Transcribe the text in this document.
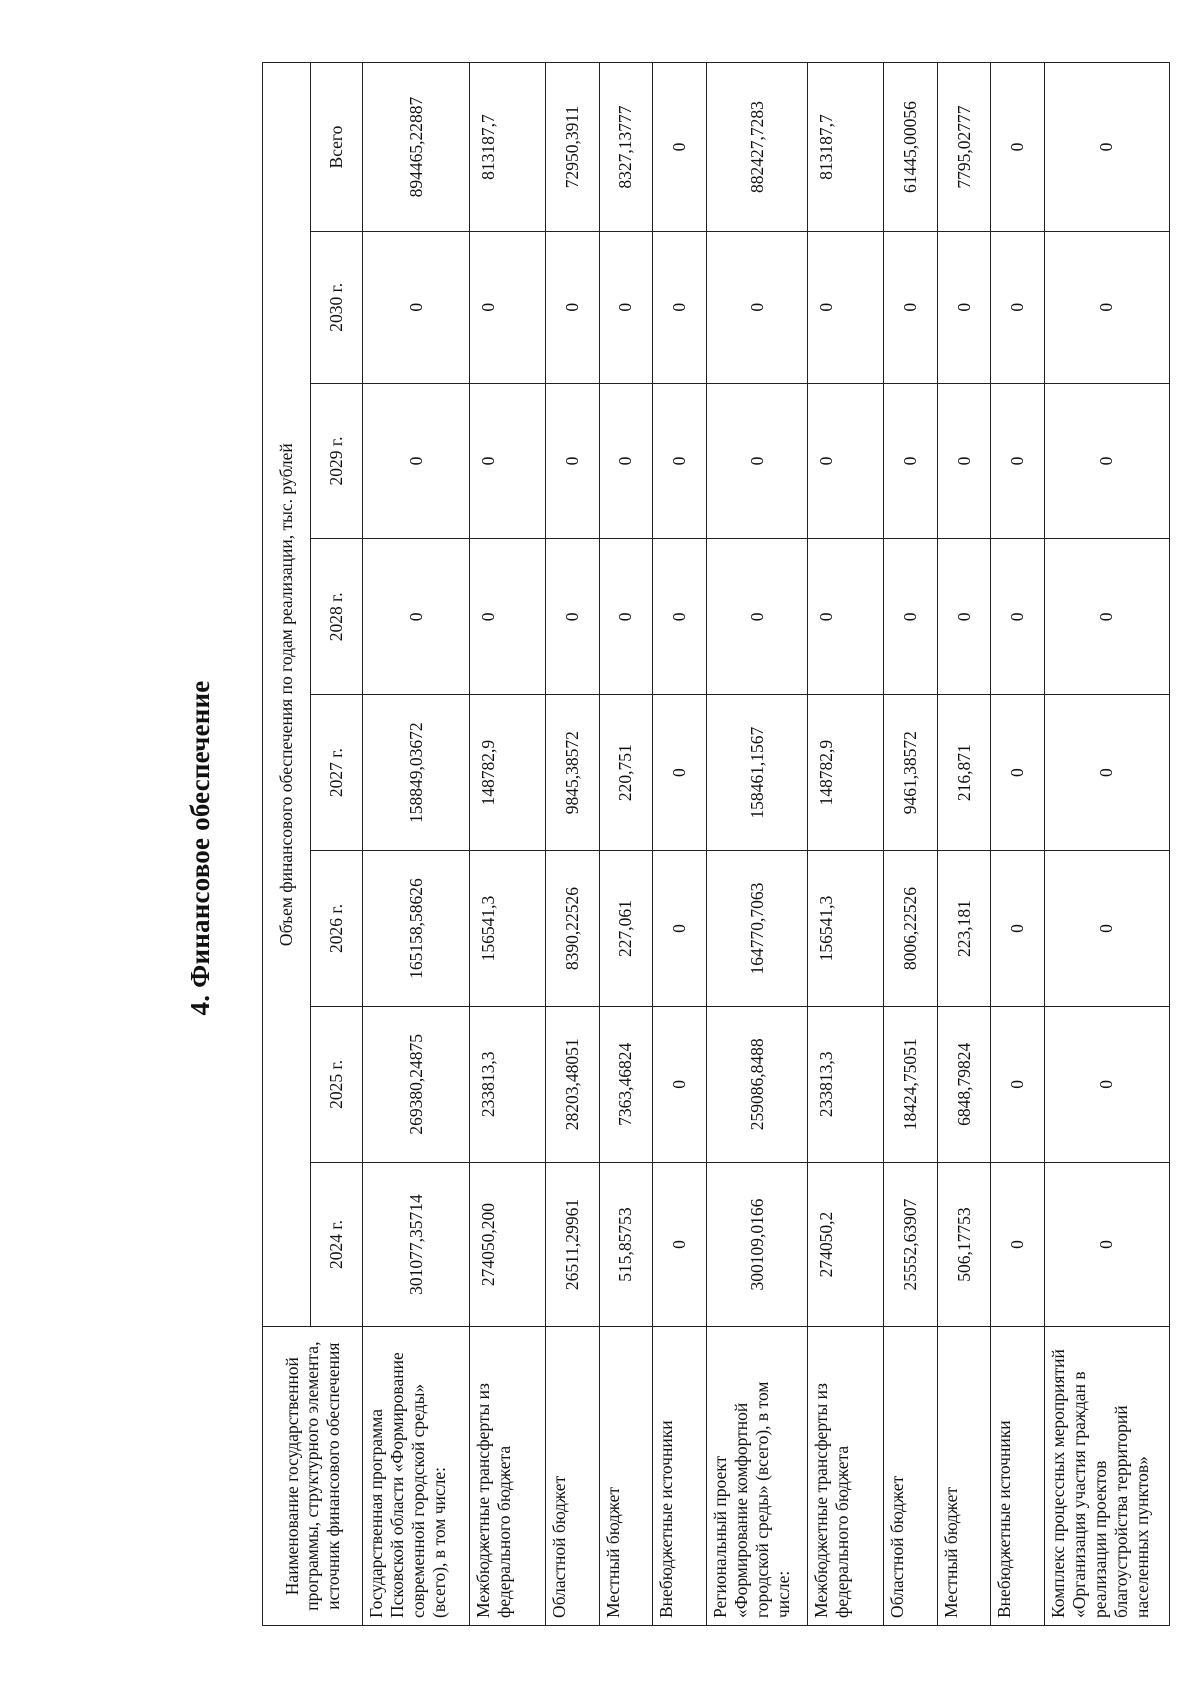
4. Финансовое обеспечение
Наименование государственной программы, структурного элемента, источник финансового обеспечения	Объем финансового обеспечения по годам реализации, тыс. рублей							
	2024 г.	2025 г.	2026 г.	2027 г.	2028 г.	2029 г.	2030 г.	Всего
Государственная программа Псковской области «Формирование современной городской среды» (всего), в том числе:	301077,35714	269380,24875	165158,58626	158849,03672	0	0	0	894465,22887
Межбюджетные трансферты из федерального бюджета	274050,200	233813,3	156541,3	148782,9	0	0	0	813187,7
Областной бюджет	26511,29961	28203,48051	8390,22526	9845,38572	0	0	0	72950,3911
Местный бюджет	515,85753	7363,46824	227,061	220,751	0	0	0	8327,13777
Внебюджетные источники	0	0	0	0	0	0	0	0
Региональный проект «Формирование комфортной городской среды» (всего), в том числе:	300109,0166	259086,8488	164770,7063	158461,1567	0	0	0	882427,7283
Межбюджетные трансферты из федерального бюджета	274050,2	233813,3	156541,3	148782,9	0	0	0	813187,7
Областной бюджет	25552,63907	18424,75051	8006,22526	9461,38572	0	0	0	61445,00056
Местный бюджет	506,17753	6848,79824	223,181	216,871	0	0	0	7795,02777
Внебюджетные источники	0	0	0	0	0	0	0	0
Комплекс процессных мероприятий «Организация участия граждан в реализации проектов благоустройства территорий населенных пунктов»	0	0	0	0	0	0	0	0
